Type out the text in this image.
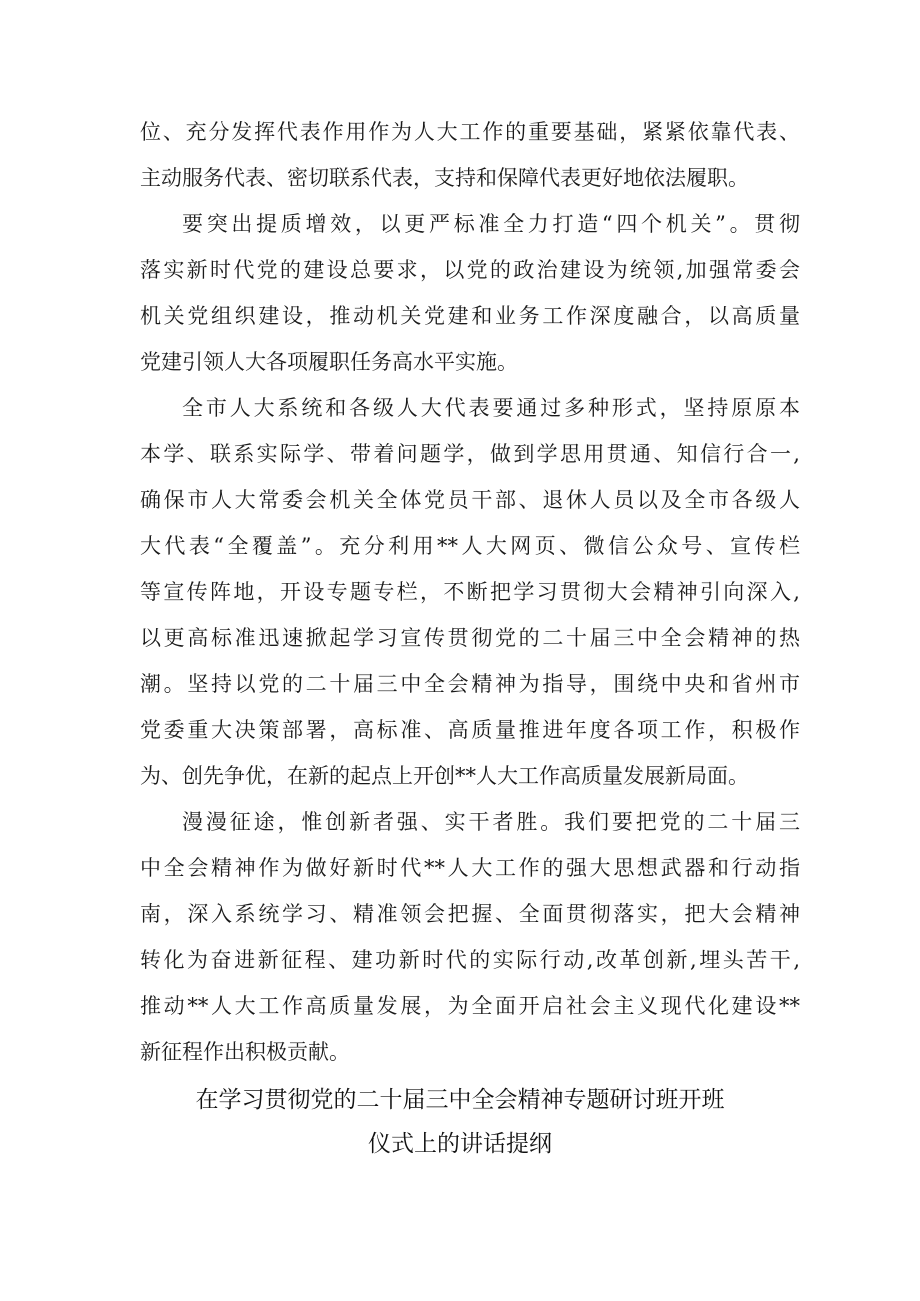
位、充分发挥代表作用作为人大工作的重要基础，紧紧依靠代表、
主动服务代表、密切联系代表，支持和保障代表更好地依法履职。
要突出提质增效，以更严标准全力打造“四个机关”。贯彻
落实新时代党的建设总要求，以党的政治建设为统领,加强常委会
机关党组织建设，推动机关党建和业务工作深度融合，以高质量
党建引领人大各项履职任务高水平实施。
全市人大系统和各级人大代表要通过多种形式，坚持原原本
本学、联系实际学、带着问题学，做到学思用贯通、知信行合一,
确保市人大常委会机关全体党员干部、退休人员以及全市各级人
大代表“全覆盖”。充分利用**人大网页、微信公众号、宣传栏
等宣传阵地，开设专题专栏，不断把学习贯彻大会精神引向深入,
以更高标准迅速掀起学习宣传贯彻党的二十届三中全会精神的热
潮。坚持以党的二十届三中全会精神为指导，围绕中央和省州市
党委重大决策部署，高标准、高质量推进年度各项工作，积极作
为、创先争优，在新的起点上开创**人大工作高质量发展新局面。
漫漫征途，惟创新者强、实干者胜。我们要把党的二十届三
中全会精神作为做好新时代**人大工作的强大思想武器和行动指
南，深入系统学习、精准领会把握、全面贯彻落实，把大会精神
转化为奋进新征程、建功新时代的实际行动,改革创新,埋头苦干,
推动**人大工作高质量发展，为全面开启社会主义现代化建设**
新征程作出积极贡献。
在学习贯彻党的二十届三中全会精神专题研讨班开班
仪式上的讲话提纲
